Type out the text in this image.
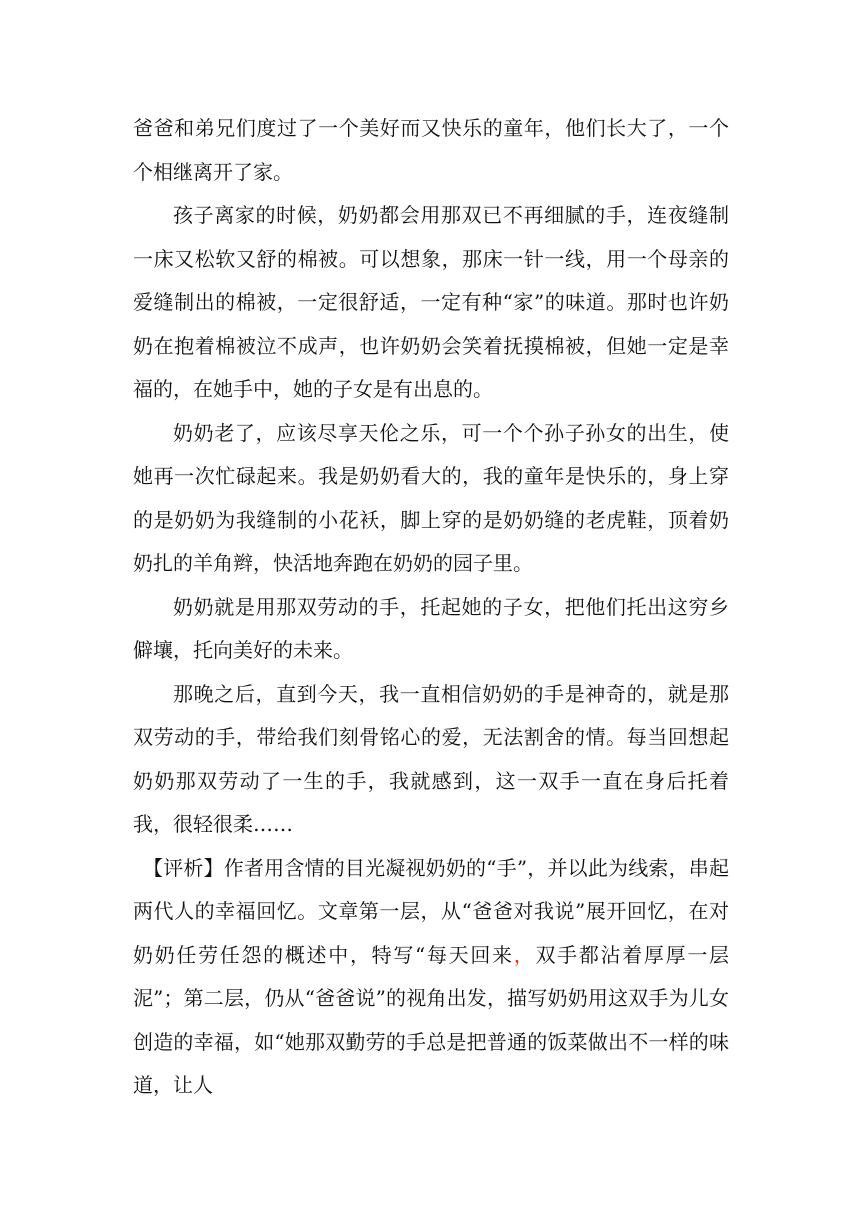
爸爸和弟兄们度过了一个美好而又快乐的童年，他们长大了，一个个相继离开了家。

孩子离家的时候，奶奶都会用那双已不再细腻的手，连夜缝制一床又松软又舒的棉被。可以想象，那床一针一线，用一个母亲的爱缝制出的棉被，一定很舒适，一定有种“家”的味道。那时也许奶奶在抱着棉被泣不成声，也许奶奶会笑着抚摸棉被，但她一定是幸福的，在她手中，她的子女是有出息的。

奶奶老了，应该尽享天伦之乐，可一个个孙子孙女的出生，使她再一次忙碌起来。我是奶奶看大的，我的童年是快乐的，身上穿的是奶奶为我缝制的小花袄，脚上穿的是奶奶缝的老虎鞋，顶着奶奶扎的羊角辫，快活地奔跑在奶奶的园子里。

奶奶就是用那双劳动的手，托起她的子女，把他们托出这穷乡僻壤，托向美好的未来。

那晚之后，直到今天，我一直相信奶奶的手是神奇的，就是那双劳动的手，带给我们刻骨铭心的爱，无法割舍的情。每当回想起奶奶那双劳动了一生的手，我就感到，这一双手一直在身后托着我，很轻很柔……

【评析】作者用含情的目光凝视奶奶的“手”，并以此为线索，串起两代人的幸福回忆。文章第一层，从“爸爸对我说”展开回忆，在对奶奶任劳任怨的概述中，特写“每天回来，双手都沾着厚厚一层泥”；第二层，仍从“爸爸说”的视角出发，描写奶奶用这双手为儿女创造的幸福，如“她那双勤劳的手总是把普通的饭菜做出不一样的味道，让人
